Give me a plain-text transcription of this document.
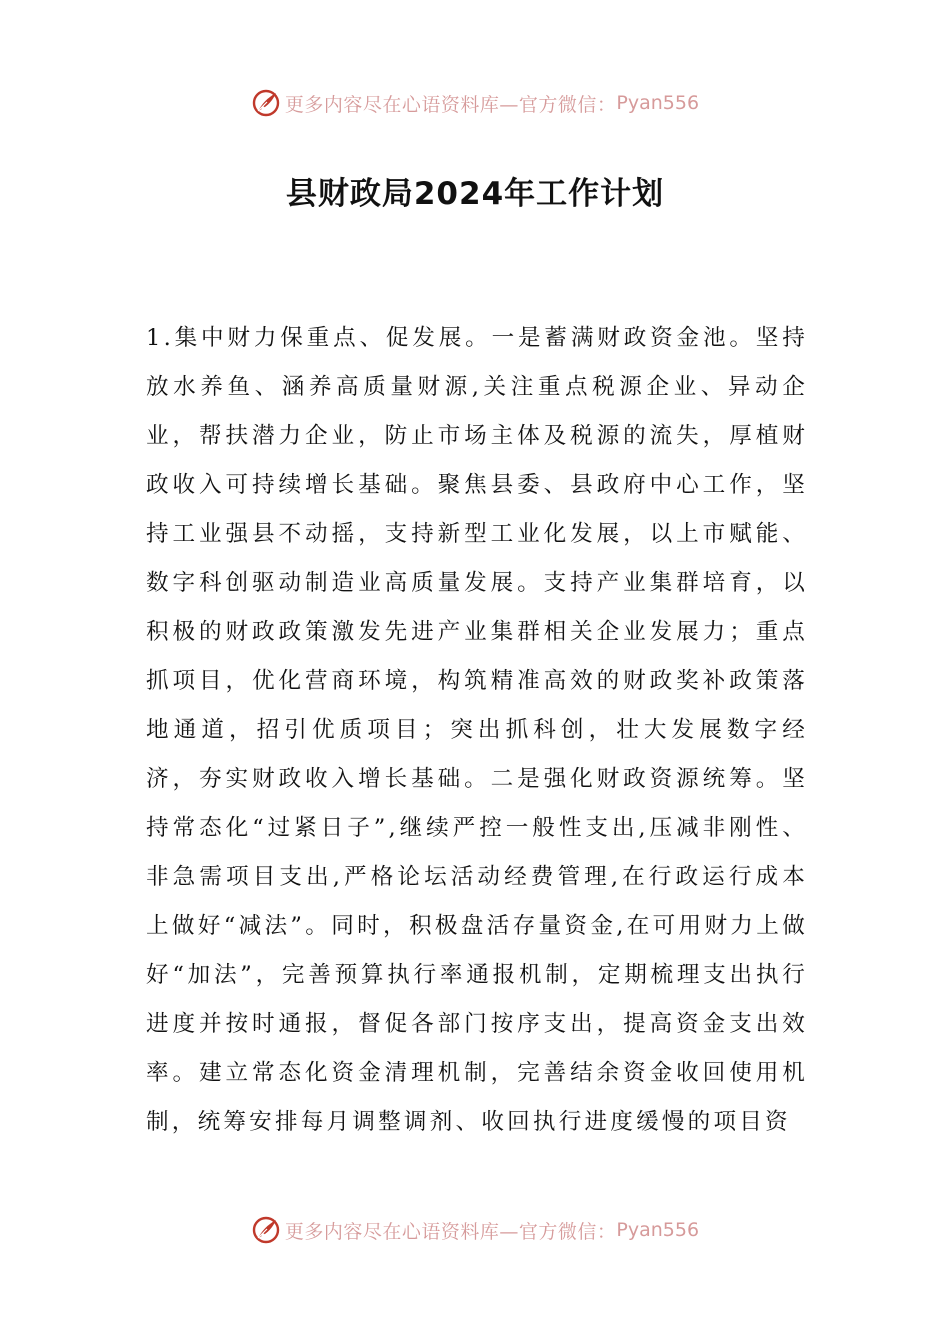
更多内容尽在心语资料库—官方微信： Pyan556
县财政局2024年工作计划

1.集中财力保重点、促发展。一是蓄满财政资金池。坚持放水养鱼、涵养高质量财源,关注重点税源企业、异动企业，帮扶潜力企业，防止市场主体及税源的流失，厚植财政收入可持续增长基础。聚焦县委、县政府中心工作，坚持工业强县不动摇，支持新型工业化发展，以上市赋能、数字科创驱动制造业高质量发展。支持产业集群培育，以积极的财政政策激发先进产业集群相关企业发展力；重点抓项目，优化营商环境，构筑精准高效的财政奖补政策落地通道，招引优质项目；突出抓科创，壮大发展数字经济，夯实财政收入增长基础。二是强化财政资源统筹。坚持常态化“过紧日子”,继续严控一般性支出,压减非刚性、非急需项目支出,严格论坛活动经费管理,在行政运行成本上做好“减法”。同时，积极盘活存量资金,在可用财力上做好“加法”，完善预算执行率通报机制，定期梳理支出执行进度并按时通报，督促各部门按序支出，提高资金支出效率。建立常态化资金清理机制，完善结余资金收回使用机制，统筹安排每月调整调剂、收回执行进度缓慢的项目资

更多内容尽在心语资料库—官方微信： Pyan556
